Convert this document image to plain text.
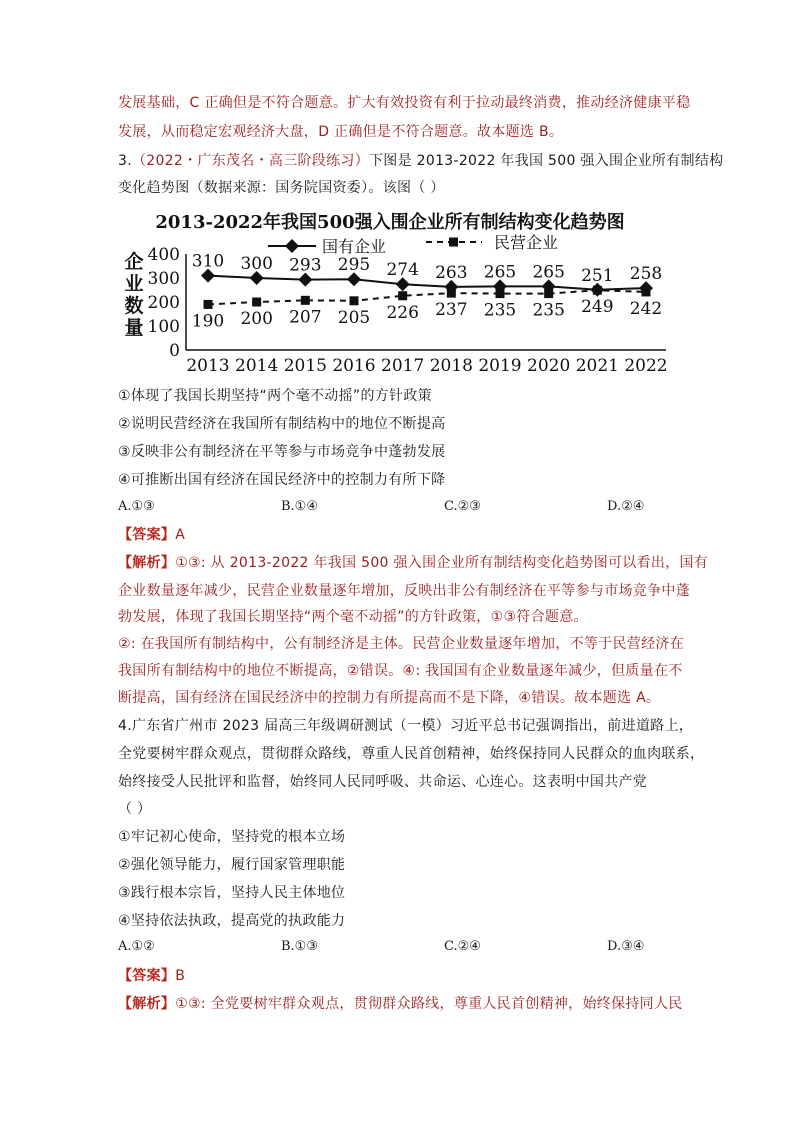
发展基础，C 正确但是不符合题意。扩大有效投资有利于拉动最终消费，推动经济健康平稳
发展，从而稳定宏观经济大盘，D 正确但是不符合题意。故本题选 B。
3.（2022・广东茂名・高三阶段练习）下图是 2013-2022 年我国 500 强入围企业所有制结构
变化趋势图（数据来源：国务院国资委）。该图（ ）
2013-2022年我国500强入围企业所有制结构变化趋势图
国有企业	民营企业
企
业
数
量
0
100
200
300
400
2013 2014 2015 2016 2017 2018 2019 2020 2021 2022
310 300 293 295 274 263 265 265 251 258
190 200 207 205 226 237 235 235 249 242
①体现了我国长期坚持“两个毫不动摇”的方针政策
②说明民营经济在我国所有制结构中的地位不断提高
③反映非公有制经济在平等参与市场竞争中蓬勃发展
④可推断出国有经济在国民经济中的控制力有所下降
A.①③	B.①④	C.②③	D.②④
【答案】A
【解析】①③: 从 2013-2022 年我国 500 强入围企业所有制结构变化趋势图可以看出，国有
企业数量逐年减少，民营企业数量逐年增加，反映出非公有制经济在平等参与市场竞争中蓬
勃发展，体现了我国长期坚持“两个毫不动摇”的方针政策，①③符合题意。
②: 在我国所有制结构中，公有制经济是主体。民营企业数量逐年增加，不等于民营经济在
我国所有制结构中的地位不断提高，②错误。④: 我国国有企业数量逐年减少，但质量在不
断提高，国有经济在国民经济中的控制力有所提高而不是下降，④错误。故本题选 A。
4.广东省广州市 2023 届高三年级调研测试（一模）习近平总书记强调指出，前进道路上，
全党要树牢群众观点，贯彻群众路线，尊重人民首创精神，始终保持同人民群众的血肉联系，
始终接受人民批评和监督，始终同人民同呼吸、共命运、心连心。这表明中国共产党
（ ）
①牢记初心使命，坚持党的根本立场
②强化领导能力，履行国家管理职能
③践行根本宗旨，坚持人民主体地位
④坚持依法执政，提高党的执政能力
A.①②	B.①③	C.②④	D.③④
【答案】B
【解析】①③: 全党要树牢群众观点，贯彻群众路线，尊重人民首创精神，始终保持同人民
